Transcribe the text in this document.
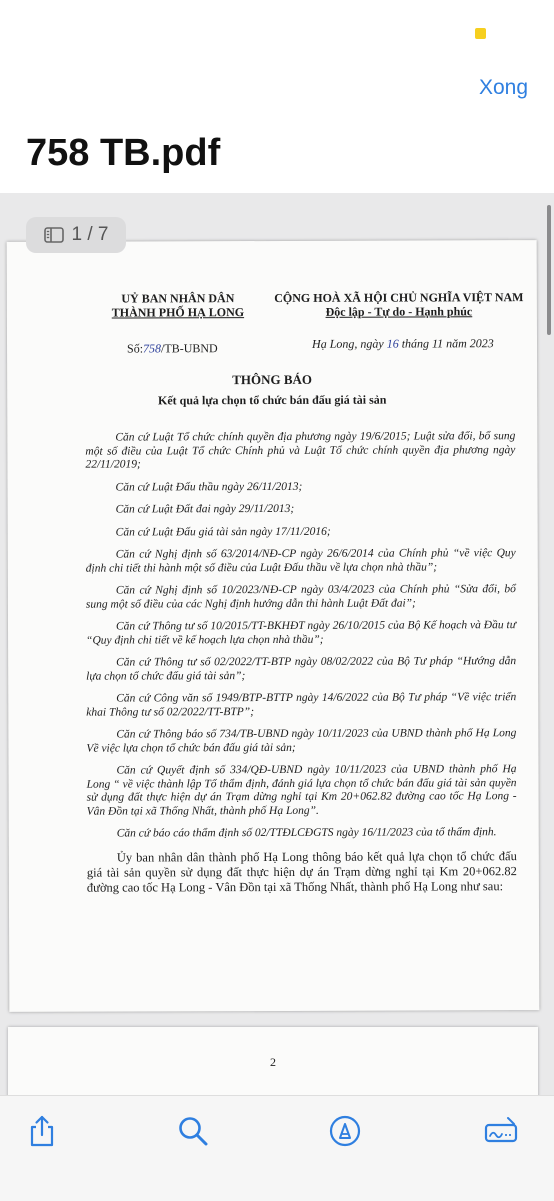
Xong
758 TB.pdf
UỶ BAN NHÂN DÂN
THÀNH PHỐ HẠ LONG
CỘNG HOÀ XÃ HỘI CHỦ NGHĨA VIỆT NAM
Độc lập - Tự do - Hạnh phúc
Số:758/TB-UBND	Hạ Long, ngày 16 tháng 11 năm 2023
THÔNG BÁO
Kết quả lựa chọn tổ chức bán đấu giá tài sản

Căn cứ Luật Tổ chức chính quyền địa phương ngày 19/6/2015; Luật sửa đổi, bổ sung một số điều của Luật Tổ chức Chính phủ và Luật Tổ chức chính quyền địa phương ngày 22/11/2019;

Căn cứ Luật Đấu thầu ngày 26/11/2013;

Căn cứ Luật Đất đai ngày 29/11/2013;

Căn cứ Luật Đấu giá tài sản ngày 17/11/2016;

Căn cứ Nghị định số 63/2014/NĐ-CP ngày 26/6/2014 của Chính phủ “về việc Quy định chi tiết thi hành một số điều của Luật Đấu thầu về lựa chọn nhà thầu”;

Căn cứ Nghị định số 10/2023/NĐ-CP ngày 03/4/2023 của Chính phủ “Sửa đổi, bổ sung một số điều của các Nghị định hướng dẫn thi hành Luật Đất đai”;

Căn cứ Thông tư số 10/2015/TT-BKHĐT ngày 26/10/2015 của Bộ Kế hoạch và Đầu tư “Quy định chi tiết về kế hoạch lựa chọn nhà thầu”;

Căn cứ Thông tư số 02/2022/TT-BTP ngày 08/02/2022 của Bộ Tư pháp “Hướng dẫn lựa chọn tổ chức đấu giá tài sản”;

Căn cứ Công văn số 1949/BTP-BTTP ngày 14/6/2022 của Bộ Tư pháp “Về việc triển khai Thông tư số 02/2022/TT-BTP”;

Căn cứ Thông báo số 734/TB-UBND ngày 10/11/2023 của UBND thành phố Hạ Long Về việc lựa chọn tổ chức bán đấu giá tài sản;

Căn cứ Quyết định số 334/QĐ-UBND ngày 10/11/2023 của UBND thành phố Hạ Long “ về việc thành lập Tổ thẩm định, đánh giá lựa chọn tổ chức bán đấu giá tài sản quyền sử dụng đất thực hiện dự án Trạm dừng nghỉ tại Km 20+062.82 đường cao tốc Hạ Long - Vân Đồn tại xã Thống Nhất, thành phố Hạ Long”.

Căn cứ báo cáo thẩm định số 02/TTĐLCĐGTS ngày 16/11/2023 của tổ thẩm định.

Ủy ban nhân dân thành phố Hạ Long thông báo kết quả lựa chọn tổ chức đấu giá tài sản quyền sử dụng đất thực hiện dự án Trạm dừng nghỉ tại Km 20+062.82 đường cao tốc Hạ Long - Vân Đồn tại xã Thống Nhất, thành phố Hạ Long như sau:

2
1 / 7
